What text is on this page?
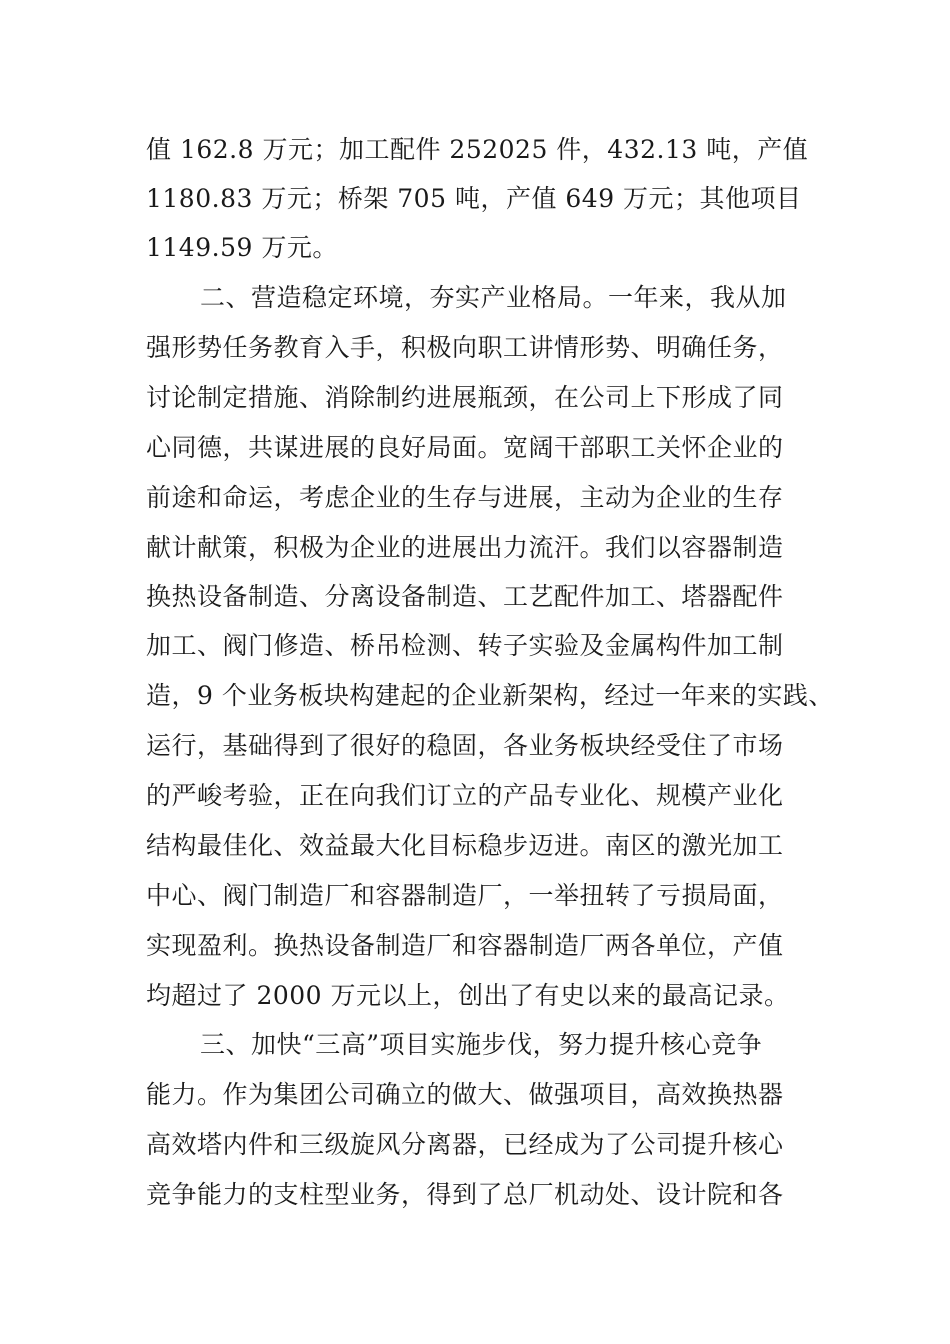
值 162.8 万元；加工配件 252025 件，432.13 吨，产值
1180.83 万元；桥架 705 吨，产值 649 万元；其他项目
1149.59 万元。
二、营造稳定环境，夯实产业格局。一年来，我从加
强形势任务教育入手，积极向职工讲情形势、明确任务，
讨论制定措施、消除制约进展瓶颈，在公司上下形成了同
心同德，共谋进展的良好局面。宽阔干部职工关怀企业的
前途和命运，考虑企业的生存与进展，主动为企业的生存
献计献策，积极为企业的进展出力流汗。我们以容器制造
换热设备制造、分离设备制造、工艺配件加工、塔器配件
加工、阀门修造、桥吊检测、转子实验及金属构件加工制
造，9 个业务板块构建起的企业新架构，经过一年来的实践、
运行，基础得到了很好的稳固，各业务板块经受住了市场
的严峻考验，正在向我们订立的产品专业化、规模产业化
结构最佳化、效益最大化目标稳步迈进。南区的激光加工
中心、阀门制造厂和容器制造厂，一举扭转了亏损局面，
实现盈利。换热设备制造厂和容器制造厂两各单位，产值
均超过了 2000 万元以上，创出了有史以来的最高记录。
三、加快“三高”项目实施步伐，努力提升核心竞争
能力。作为集团公司确立的做大、做强项目，高效换热器
高效塔内件和三级旋风分离器，已经成为了公司提升核心
竞争能力的支柱型业务，得到了总厂机动处、设计院和各
